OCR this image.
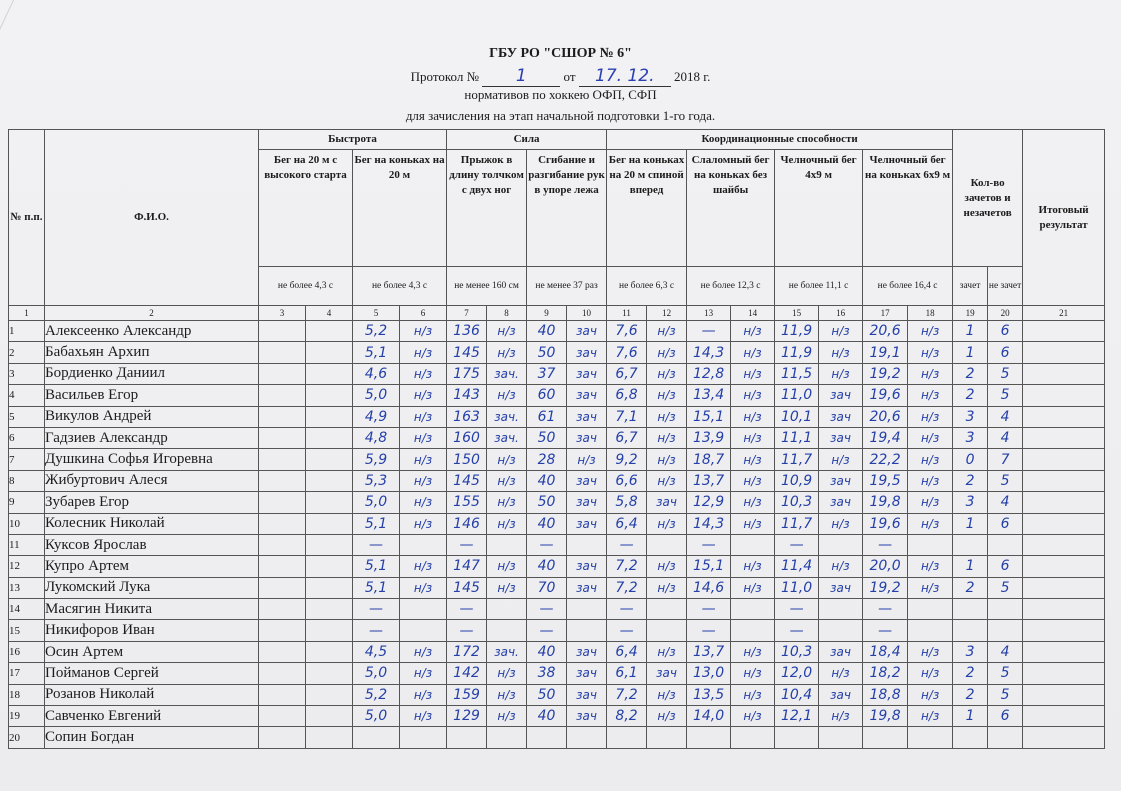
ГБУ РО "СШОР № 6"
Протокол № 1	от 17. 12. 2018 г.
нормативов по хоккею ОФП, СФП
для зачисления на этап начальной подготовки 1-го года.
№ п.п.	Ф.И.О.	Быстрота				Сила				Координационные способности								Кол-во зачетов и незачетов		Итоговый результат
		Бег на 20 м с высокого старта		Бег на коньках на 20 м		Прыжок в длину толчком с двух ног		Сгибание и разгибание рук в упоре лежа		Бег на коньках на 20 м спиной вперед		Слаломный бег на коньках без шайбы		Челночный бег 4х9 м		Челночный бег на коньках 6х9 м				
		не более 4,3 с		не более 4,3 с		не менее 160 см		не менее 37 раз		не более 6,3 с		не более 12,3 с		не более 11,1 с		не более 16,4 с		зачет	не зачет	
1	2	3	4	5	6	7	8	9	10	11	12	13	14	15	16	17	18	19	20	21
1	Алексеенко Александр			5,2	н/з	136	н/з	40	зач	7,6	н/з	—	н/з	11,9	н/з	20,6	н/з	1	6	
2	Бабахьян Архип			5,1	н/з	145	н/з	50	зач	7,6	н/з	14,3	н/з	11,9	н/з	19,1	н/з	1	6	
3	Бордиенко Даниил			4,6	н/з	175	зач.	37	зач	6,7	н/з	12,8	н/з	11,5	н/з	19,2	н/з	2	5	
4	Васильев Егор			5,0	н/з	143	н/з	60	зач	6,8	н/з	13,4	н/з	11,0	зач	19,6	н/з	2	5	
5	Викулов Андрей			4,9	н/з	163	зач.	61	зач	7,1	н/з	15,1	н/з	10,1	зач	20,6	н/з	3	4	
6	Гадзиев Александр			4,8	н/з	160	зач.	50	зач	6,7	н/з	13,9	н/з	11,1	зач	19,4	н/з	3	4	
7	Душкина Софья Игоревна			5,9	н/з	150	н/з	28	н/з	9,2	н/з	18,7	н/з	11,7	н/з	22,2	н/з	0	7	
8	Жибуртович Алеся			5,3	н/з	145	н/з	40	зач	6,6	н/з	13,7	н/з	10,9	зач	19,5	н/з	2	5	
9	Зубарев Егор			5,0	н/з	155	н/з	50	зач	5,8	зач	12,9	н/з	10,3	зач	19,8	н/з	3	4	
10	Колесник Николай			5,1	н/з	146	н/з	40	зач	6,4	н/з	14,3	н/з	11,7	н/з	19,6	н/з	1	6	
11	Куксов Ярослав			—		—		—		—		—		—		—				
12	Купро Артем			5,1	н/з	147	н/з	40	зач	7,2	н/з	15,1	н/з	11,4	н/з	20,0	н/з	1	6	
13	Лукомский Лука			5,1	н/з	145	н/з	70	зач	7,2	н/з	14,6	н/з	11,0	зач	19,2	н/з	2	5	
14	Масягин Никита			—		—		—		—		—		—		—				
15	Никифоров Иван			—		—		—		—		—		—		—				
16	Осин Артем			4,5	н/з	172	зач.	40	зач	6,4	н/з	13,7	н/з	10,3	зач	18,4	н/з	3	4	
17	Пойманов Сергей			5,0	н/з	142	н/з	38	зач	6,1	зач	13,0	н/з	12,0	н/з	18,2	н/з	2	5	
18	Розанов Николай			5,2	н/з	159	н/з	50	зач	7,2	н/з	13,5	н/з	10,4	зач	18,8	н/з	2	5	
19	Савченко Евгений			5,0	н/з	129	н/з	40	зач	8,2	н/з	14,0	н/з	12,1	н/з	19,8	н/з	1	6	
20	Сопин Богдан																			
